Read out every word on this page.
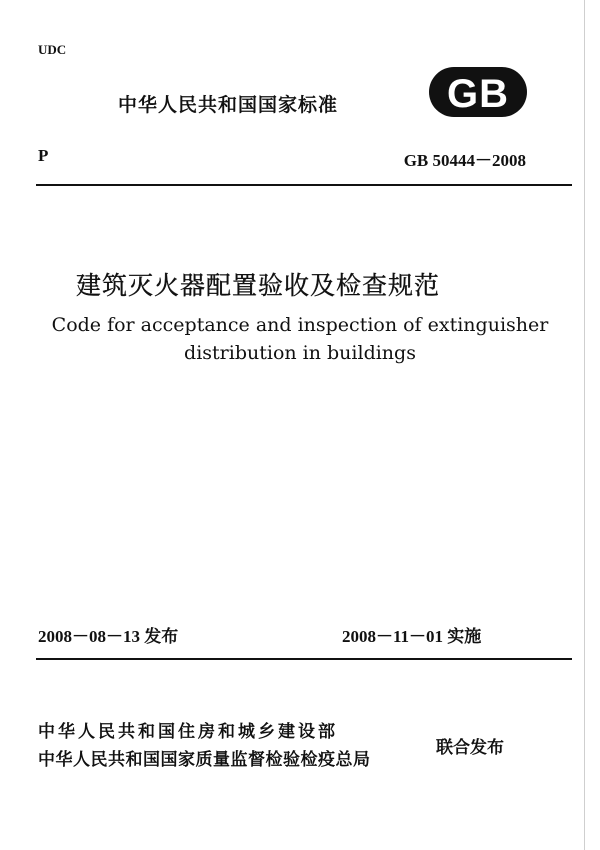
UDC
中华人民共和国国家标准	GB
P	GB 50444－2008
建筑灭火器配置验收及检查规范
Code for acceptance and inspection of extinguisher
distribution in buildings
2008－08－13 发布	2008－11－01 实施
中华人民共和国住房和城乡建设部
中华人民共和国国家质量监督检验检疫总局
联合发布
